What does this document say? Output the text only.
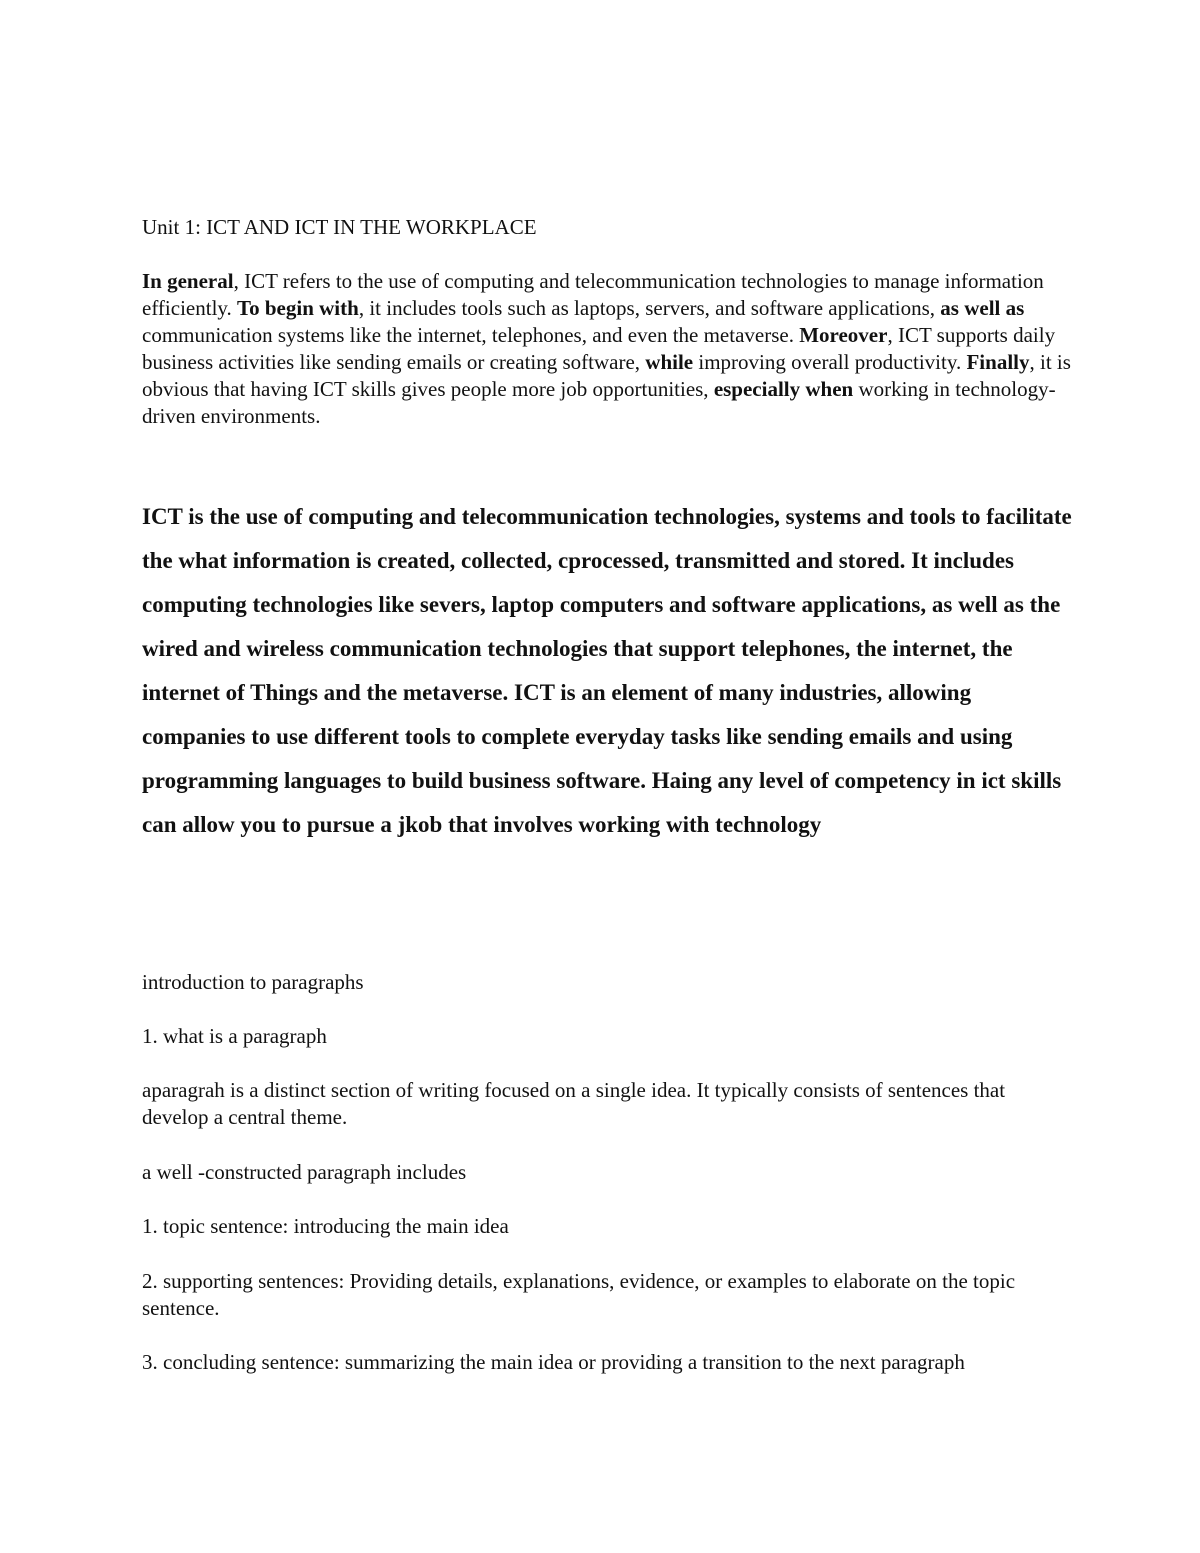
Unit 1: ICT AND ICT IN THE WORKPLACE

In general, ICT refers to the use of computing and telecommunication technologies to manage information efficiently. To begin with, it includes tools such as laptops, servers, and software applications, as well as communication systems like the internet, telephones, and even the metaverse. Moreover, ICT supports daily business activities like sending emails or creating software, while improving overall productivity. Finally, it is obvious that having ICT skills gives people more job opportunities, especially when working in technology-driven environments.

ICT is the use of computing and telecommunication technologies, systems and tools to facilitate the what information is created, collected, cprocessed, transmitted and stored. It includes computing technologies like severs, laptop computers and software applications, as well as the wired and wireless communication technologies that support telephones, the internet, the internet of Things and the metaverse. ICT is an element of many industries, allowing companies to use different tools to complete everyday tasks like sending emails and using programming languages to build business software. Haing any level of competency in ict skills can allow you to pursue a jkob that involves working with technology

introduction to paragraphs

1. what is a paragraph

aparagrah is a distinct section of writing focused on a single idea. It typically consists of sentences that develop a central theme.

a well -constructed paragraph includes

1. topic sentence: introducing the main idea

2. supporting sentences: Providing details, explanations, evidence, or examples to elaborate on the topic sentence.

3. concluding sentence: summarizing the main idea or providing a transition to the next paragraph
